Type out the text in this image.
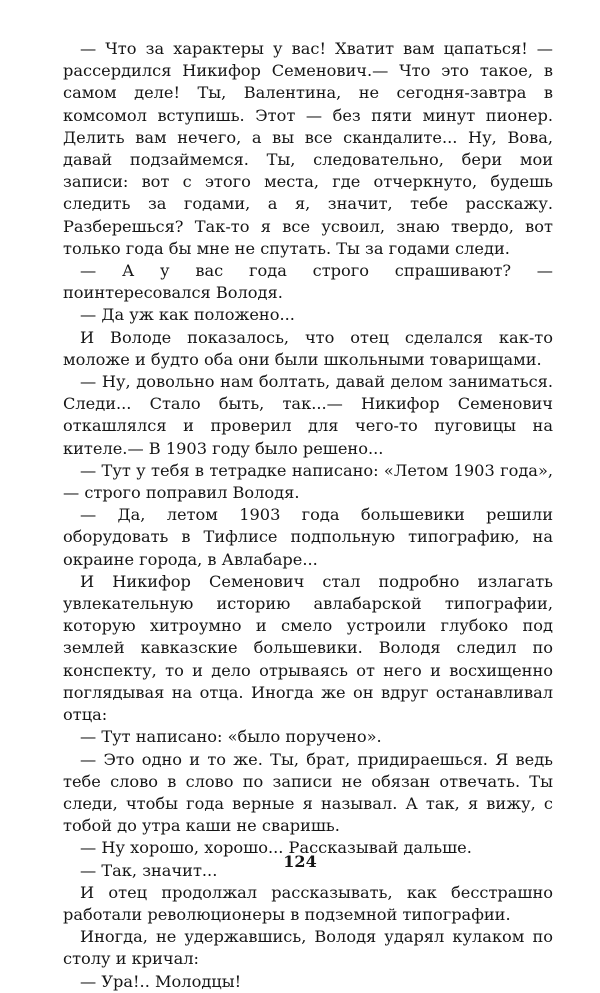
— Что за характеры у вас! Хватит вам цапаться! — рассердился Никифор Семенович.— Что это такое, в самом деле! Ты, Валентина, не сегодня-завтра в комсомол вступишь. Этот — без пяти минут пионер. Делить вам нечего, а вы все скандалите... Ну, Вова, давай подзаймемся. Ты, следовательно, бери мои записи: вот с этого места, где отчеркнуто, будешь следить за годами, а я, значит, тебе расскажу. Разберешься? Так-то я все усвоил, знаю твердо, вот только года бы мне не спутать. Ты за годами следи.

— А у вас года строго спрашивают? — поинтересовался Володя.

— Да уж как положено...

И Володе показалось, что отец сделался как-то моложе и будто оба они были школьными товарищами.

— Ну, довольно нам болтать, давай делом заниматься. Следи... Стало быть, так...— Никифор Семенович откашлялся и проверил для чего-то пуговицы на кителе.— В 1903 году было решено...

— Тут у тебя в тетрадке написано: «Летом 1903 года»,— строго поправил Володя.

— Да, летом 1903 года большевики решили оборудовать в Тифлисе подпольную типографию, на окраине города, в Авлабаре...

И Никифор Семенович стал подробно излагать увлекательную историю авлабарской типографии, которую хитроумно и смело устроили глубоко под землей кавказские большевики. Володя следил по конспекту, то и дело отрываясь от него и восхищенно поглядывая на отца. Иногда же он вдруг останавливал отца:

— Тут написано: «было поручено».

— Это одно и то же. Ты, брат, придираешься. Я ведь тебе слово в слово по записи не обязан отвечать. Ты следи, чтобы года верные я называл. А так, я вижу, с тобой до утра каши не сваришь.

— Ну хорошо, хорошо... Рассказывай дальше.

— Так, значит...

И отец продолжал рассказывать, как бесстрашно работали революционеры в подземной типографии.

Иногда, не удержавшись, Володя ударял кулаком по столу и кричал:

— Ура!.. Молодцы!

124
